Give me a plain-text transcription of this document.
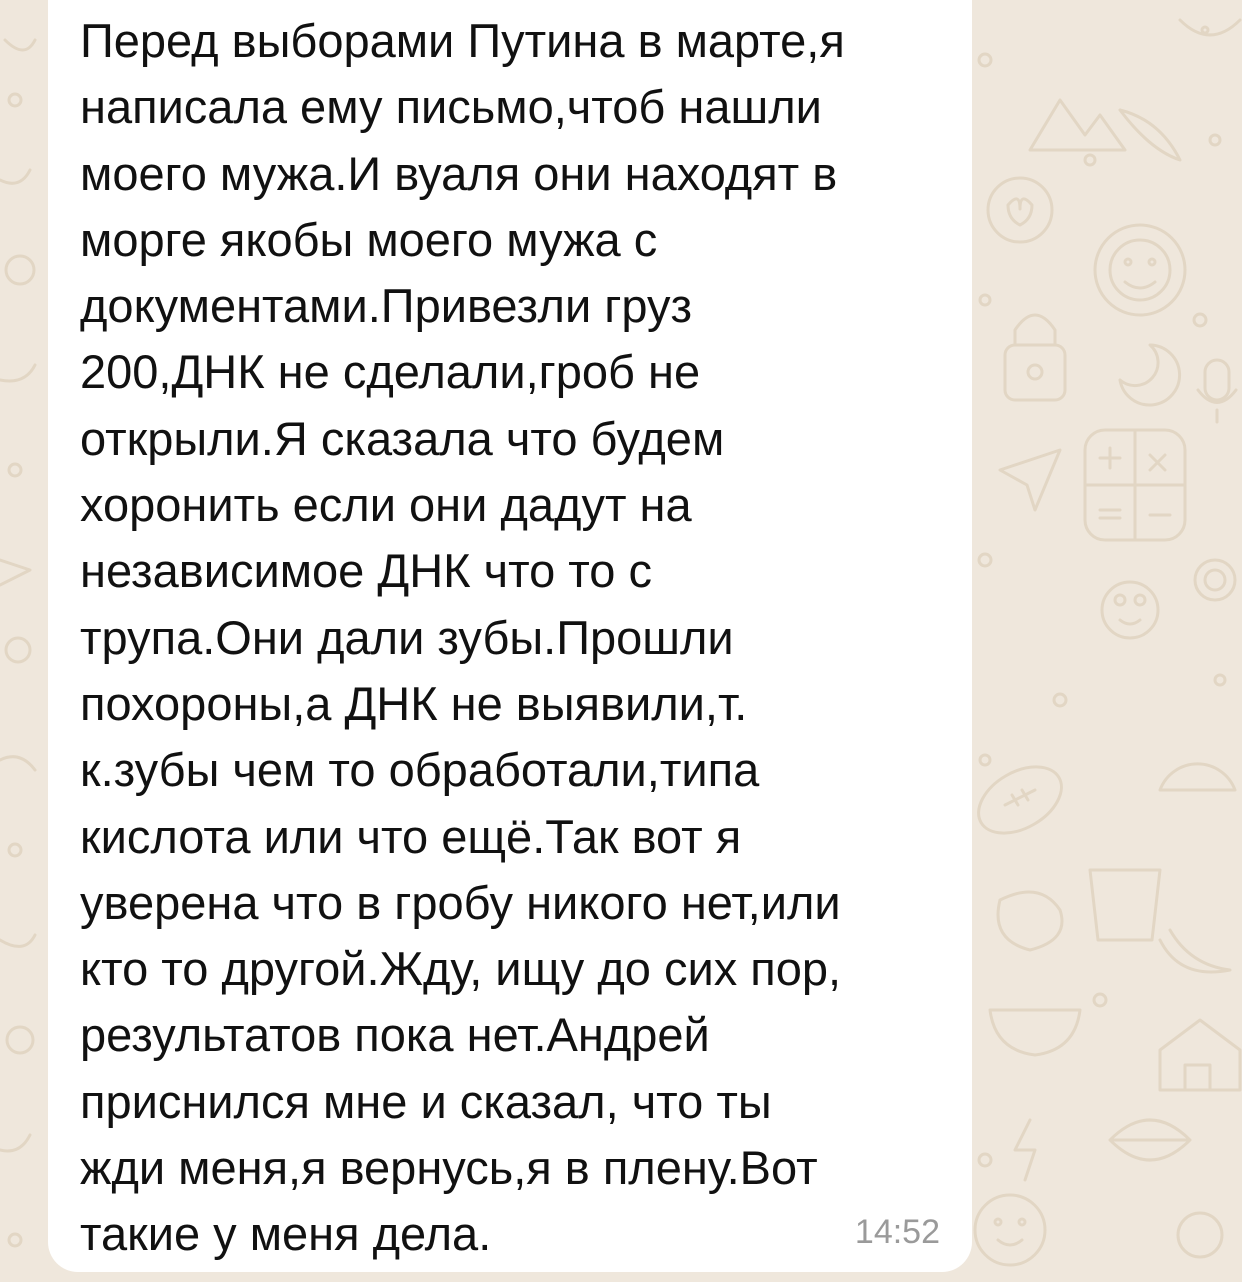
Перед выборами Путина в марте,я
написала ему письмо,чтоб нашли
моего мужа.И вуаля они находят в
морге якобы моего мужа с
документами.Привезли груз
200,ДНК не сделали,гроб не
открыли.Я сказала что будем
хоронить если они дадут на
независимое ДНК что то с
трупа.Они дали зубы.Прошли
похороны,а ДНК не выявили,т.
к.зубы чем то обработали,типа
кислота или что ещё.Так вот я
уверена что в гробу никого нет,или
кто то другой.Жду, ищу до сих пор,
результатов пока нет.Андрей
приснился мне и сказал, что ты
жди меня,я вернусь,я в плену.Вот
такие у меня дела.	14:52
